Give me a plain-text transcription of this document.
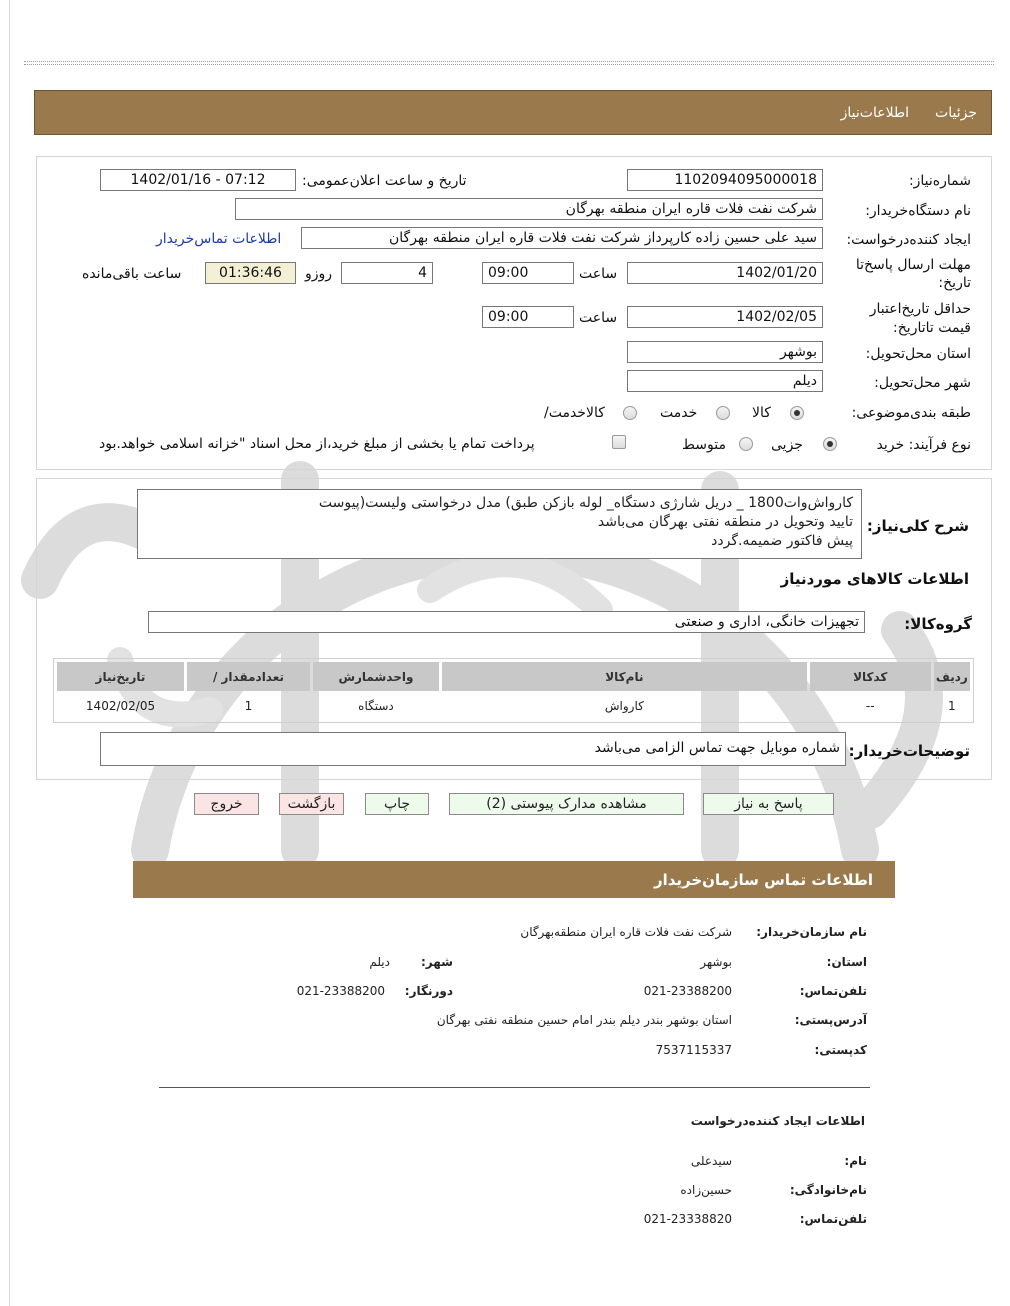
جزئیات
اطلاعات‌نیاز
شماره‌نیاز:
1102094095000018
تاریخ و ساعت اعلان‌عمومی:
1402/01/16 - 07:12
نام دستگاه‌خریدار:
شرکت نفت فلات قاره ایران منطقه بهرگان
ایجاد کننده‌درخواست:
سید علی حسین زاده کارپرداز شرکت نفت فلات قاره ایران منطقه بهرگان
اطلاعات تماس‌خریدار
مهلت ارسال پاسخ‌تا
تاریخ:
1402/01/20
ساعت
09:00
4
روزو
01:36:46
ساعت باقی‌مانده
حداقل تاریخ‌اعتبار
قیمت تا‌تاریخ:
1402/02/05
ساعت
09:00
استان محل‌تحویل:
بوشهر
شهر محل‌تحویل:
دیلم
طبقه بندی‌موضوعی:
کالا
خدمت
کالا‌خدمت/
نوع فرآیند: خرید
جزیی
متوسط
پرداخت تمام یا بخشی از مبلغ خرید،از محل اسناد "خزانه اسلامی خواهد.بود
شرح کلی‌نیاز:
کارواش‌وات1800 _ دریل شارژی دستگاه_ لوله بازکن طبق) مدل درخواستی ولیست(پیوست
تایید وتحویل در منطقه نفتی بهرگان می‌باشد
پیش فاکتور ضمیمه.گردد
اطلاعات کالاهای موردنیاز
گروه‌کالا:
تجهیزات خانگی، اداری و صنعتی
ردیف	کدکالا	نام‌کالا	واحدشمارش	تعدادمقدار /	تاریخ‌نیاز
1	--	کارواش	دستگاه	1	1402/02/05
توضیحات‌خریدار:
شماره موبایل جهت تماس الزامی می‌باشد
پاسخ به نیاز
مشاهده مدارک پیوستی (2)
چاپ
بازگشت
خروج
اطلاعات تماس سازمان‌خریدار
نام سازمان‌خریدار:
شرکت نفت فلات قاره ایران منطقه‌بهرگان
استان:
بوشهر
شهر:
دیلم
تلفن‌تماس:
021-23388200
دورنگار:
021-23388200
آدرس‌پستی:
استان بوشهر بندر دیلم بندر امام حسین منطقه نفتی بهرگان
کدپستی:
7537115337
اطلاعات ایجاد کننده‌درخواست
نام:
سیدعلی
نام‌خانوادگی:
حسین‌زاده
تلفن‌تماس:
021-23338820
